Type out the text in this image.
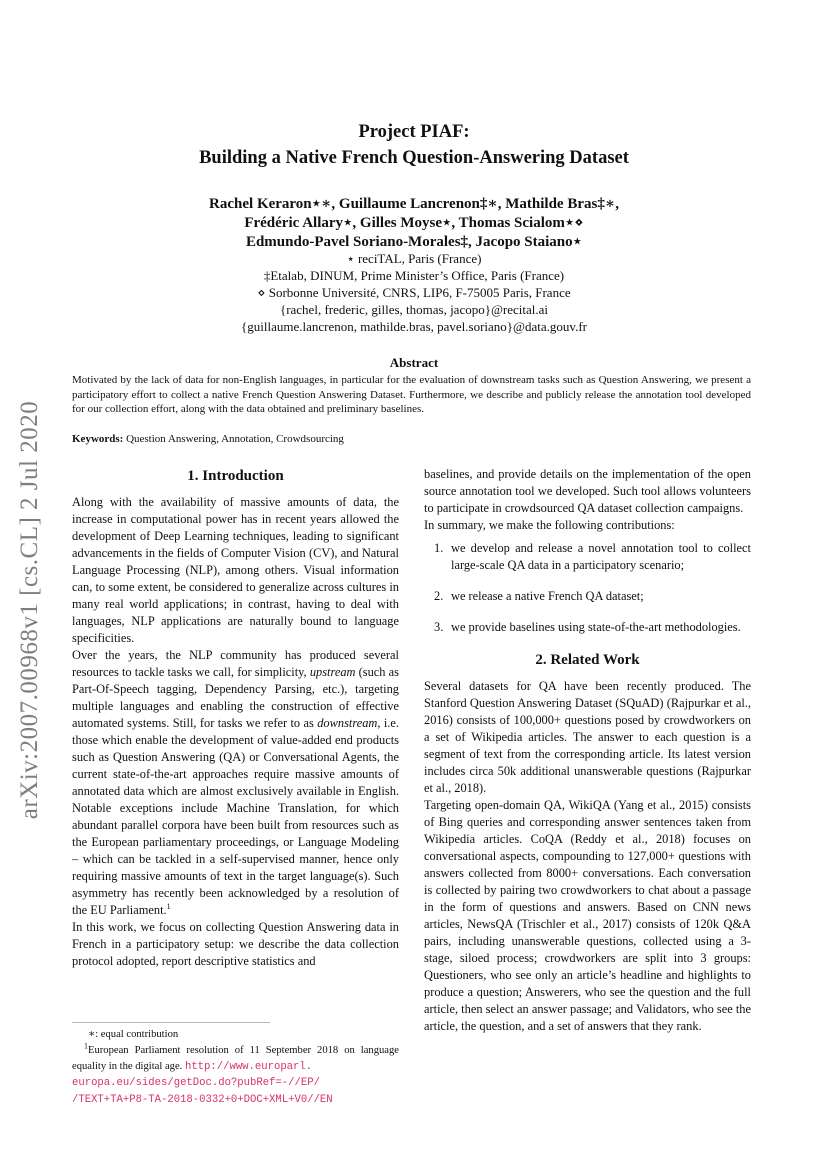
arXiv:2007.00968v1 [cs.CL] 2 Jul 2020
Project PIAF:
Building a Native French Question-Answering Dataset
Rachel Keraron⋆∗, Guillaume Lancrenon‡∗, Mathilde Bras‡∗,
Frédéric Allary⋆, Gilles Moyse⋆, Thomas Scialom⋆⋄
Edmundo-Pavel Soriano-Morales‡, Jacopo Staiano⋆
⋆ reciTAL, Paris (France)
‡Etalab, DINUM, Prime Minister’s Office, Paris (France)
⋄ Sorbonne Université, CNRS, LIP6, F-75005 Paris, France
{rachel, frederic, gilles, thomas, jacopo}@recital.ai
{guillaume.lancrenon, mathilde.bras, pavel.soriano}@data.gouv.fr
Abstract
Motivated by the lack of data for non-English languages, in particular for the evaluation of downstream tasks such as Question Answering, we present a participatory effort to collect a native French Question Answering Dataset. Furthermore, we describe and publicly release the annotation tool developed for our collection effort, along with the data obtained and preliminary baselines.
Keywords: Question Answering, Annotation, Crowdsourcing
1. Introduction

Along with the availability of massive amounts of data, the increase in computational power has in recent years allowed the development of Deep Learning techniques, leading to significant advancements in the fields of Computer Vision (CV), and Natural Language Processing (NLP), among others. Visual information can, to some extent, be considered to generalize across cultures in many real world applications; in contrast, having to deal with languages, NLP applications are naturally bound to language specificities.

Over the years, the NLP community has produced several resources to tackle tasks we call, for simplicity, upstream (such as Part-Of-Speech tagging, Dependency Parsing, etc.), targeting multiple languages and enabling the construction of effective automated systems. Still, for tasks we refer to as downstream, i.e. those which enable the development of value-added end products such as Question Answering (QA) or Conversational Agents, the current state-of-the-art approaches require massive amounts of annotated data which are almost exclusively available in English. Notable exceptions include Machine Translation, for which abundant parallel corpora have been built from resources such as the European parliamentary proceedings, or Language Modeling – which can be tackled in a self-supervised manner, hence only requiring massive amounts of text in the target language(s). Such asymmetry has recently been acknowledged by a resolution of the EU Parliament.$^1$

In this work, we focus on collecting Question Answering data in French in a participatory setup: we describe the data collection protocol adopted, report descriptive statistics and

baselines, and provide details on the implementation of the open source annotation tool we developed. Such tool allows volunteers to participate in crowdsourced QA dataset collection campaigns.

In summary, we make the following contributions:

1. we develop and release a novel annotation tool to collect large-scale QA data in a participatory scenario;
2. we release a native French QA dataset;
3. we provide baselines using state-of-the-art methodologies.
2. Related Work

Several datasets for QA have been recently produced. The Stanford Question Answering Dataset (SQuAD) (Rajpurkar et al., 2016) consists of 100,000+ questions posed by crowdworkers on a set of Wikipedia articles. The answer to each question is a segment of text from the corresponding article. Its latest version includes circa 50k additional unanswerable questions (Rajpurkar et al., 2018).

Targeting open-domain QA, WikiQA (Yang et al., 2015) consists of Bing queries and corresponding answer sentences taken from Wikipedia articles. CoQA (Reddy et al., 2018) focuses on conversational aspects, compounding to 127,000+ questions with answers collected from 8000+ conversations. Each conversation is collected by pairing two crowdworkers to chat about a passage in the form of questions and answers. Based on CNN news articles, NewsQA (Trischler et al., 2017) consists of 120k Q&A pairs, including unanswerable questions, collected using a 3-stage, siloed process; crowdworkers are split into 3 groups: Questioners, who see only an article’s headline and highlights to produce a question; Answerers, who see the question and the full article, then select an answer passage; and Validators, who see the article, the question, and a set of answers that they rank.

∗: equal contribution

$^1$European Parliament resolution of 11 September 2018 on language equality in the digital age. http://www.europarl.
europa.eu/sides/getDoc.do?pubRef=-//EP/
/TEXT+TA+P8-TA-2018-0332+0+DOC+XML+V0//EN
